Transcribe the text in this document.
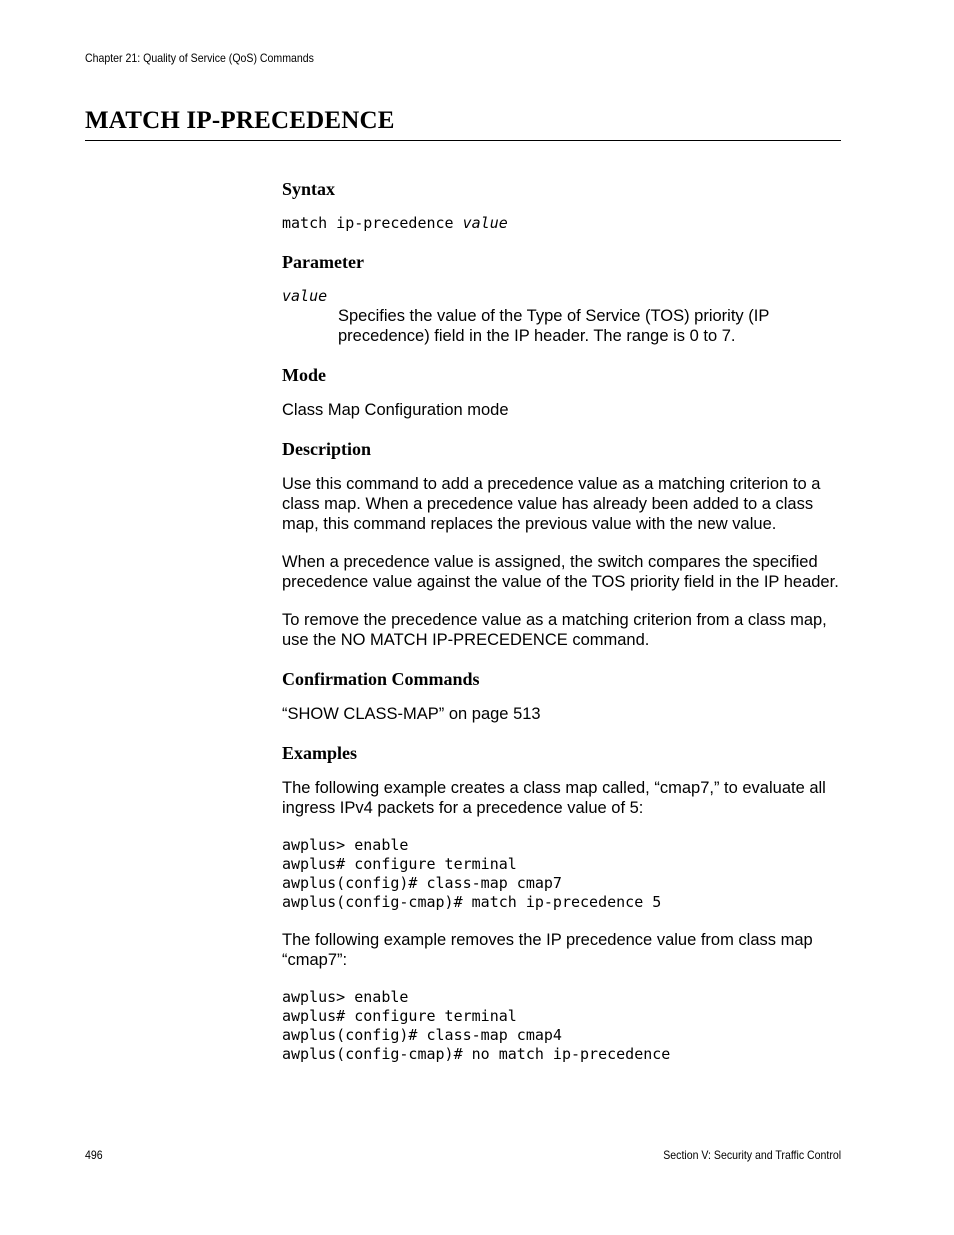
Chapter 21: Quality of Service (QoS) Commands
MATCH IP-PRECEDENCE
Syntax
match ip-precedence value
Parameter
value

Specifies the value of the Type of Service (TOS) priority (IP precedence) field in the IP header. The range is 0 to 7.

Mode

Class Map Configuration mode

Description

Use this command to add a precedence value as a matching criterion to a class map. When a precedence value has already been added to a class map, this command replaces the previous value with the new value.

When a precedence value is assigned, the switch compares the specified precedence value against the value of the TOS priority field in the IP header.

To remove the precedence value as a matching criterion from a class map, use the NO MATCH IP-PRECEDENCE command.

Confirmation Commands

“SHOW CLASS-MAP” on page 513

Examples

The following example creates a class map called, “cmap7,” to evaluate all ingress IPv4 packets for a precedence value of 5:

awplus> enable
awplus# configure terminal
awplus(config)# class-map cmap7
awplus(config-cmap)# match ip-precedence 5

The following example removes the IP precedence value from class map “cmap7”:

awplus> enable
awplus# configure terminal
awplus(config)# class-map cmap4
awplus(config-cmap)# no match ip-precedence
496	Section V: Security and Traffic Control
